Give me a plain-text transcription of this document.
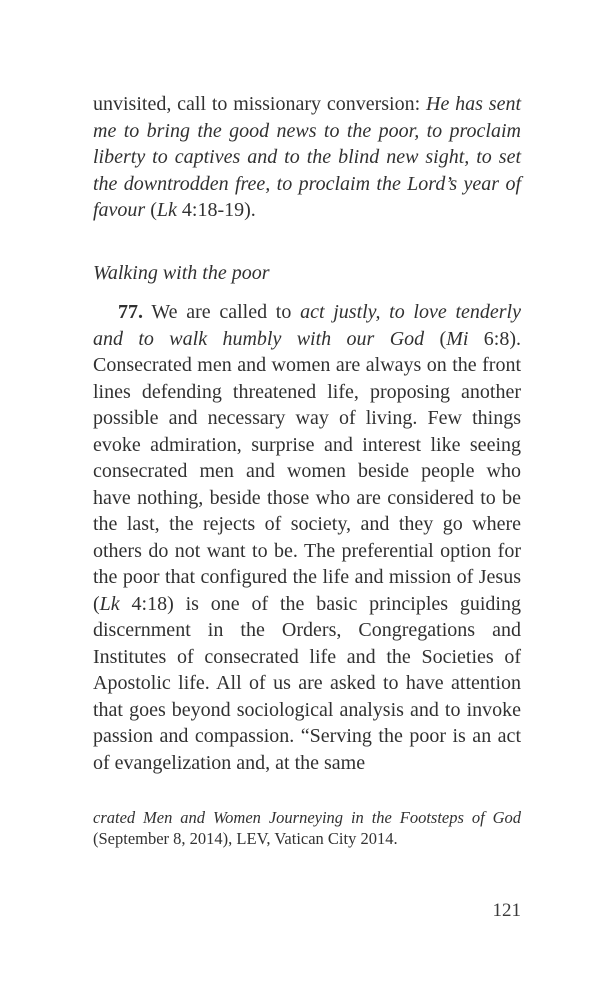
unvisited, call to missionary conversion: He has sent me to bring the good news to the poor, to proclaim liberty to captives and to the blind new sight, to set the downtrodden free, to proclaim the Lord’s year of favour (Lk 4:18-19).

Walking with the poor

77. We are called to act justly, to love tenderly and to walk humbly with our God (Mi 6:8). Consecrated men and women are always on the front lines defending threatened life, proposing another possible and necessary way of living. Few things evoke admiration, surprise and interest like seeing consecrated men and women beside people who have nothing, beside those who are considered to be the last, the rejects of society, and they go where others do not want to be. The preferential option for the poor that configured the life and mission of Jesus (Lk 4:18) is one of the basic principles guiding discernment in the Orders, Congregations and Institutes of consecrated life and the Societies of Apostolic life. All of us are asked to have attention that goes beyond sociological analysis and to invoke passion and compassion. “Serving the poor is an act of evangelization and, at the same

crated Men and Women Journeying in the Footsteps of God (September 8, 2014), LEV, Vatican City 2014.
121
